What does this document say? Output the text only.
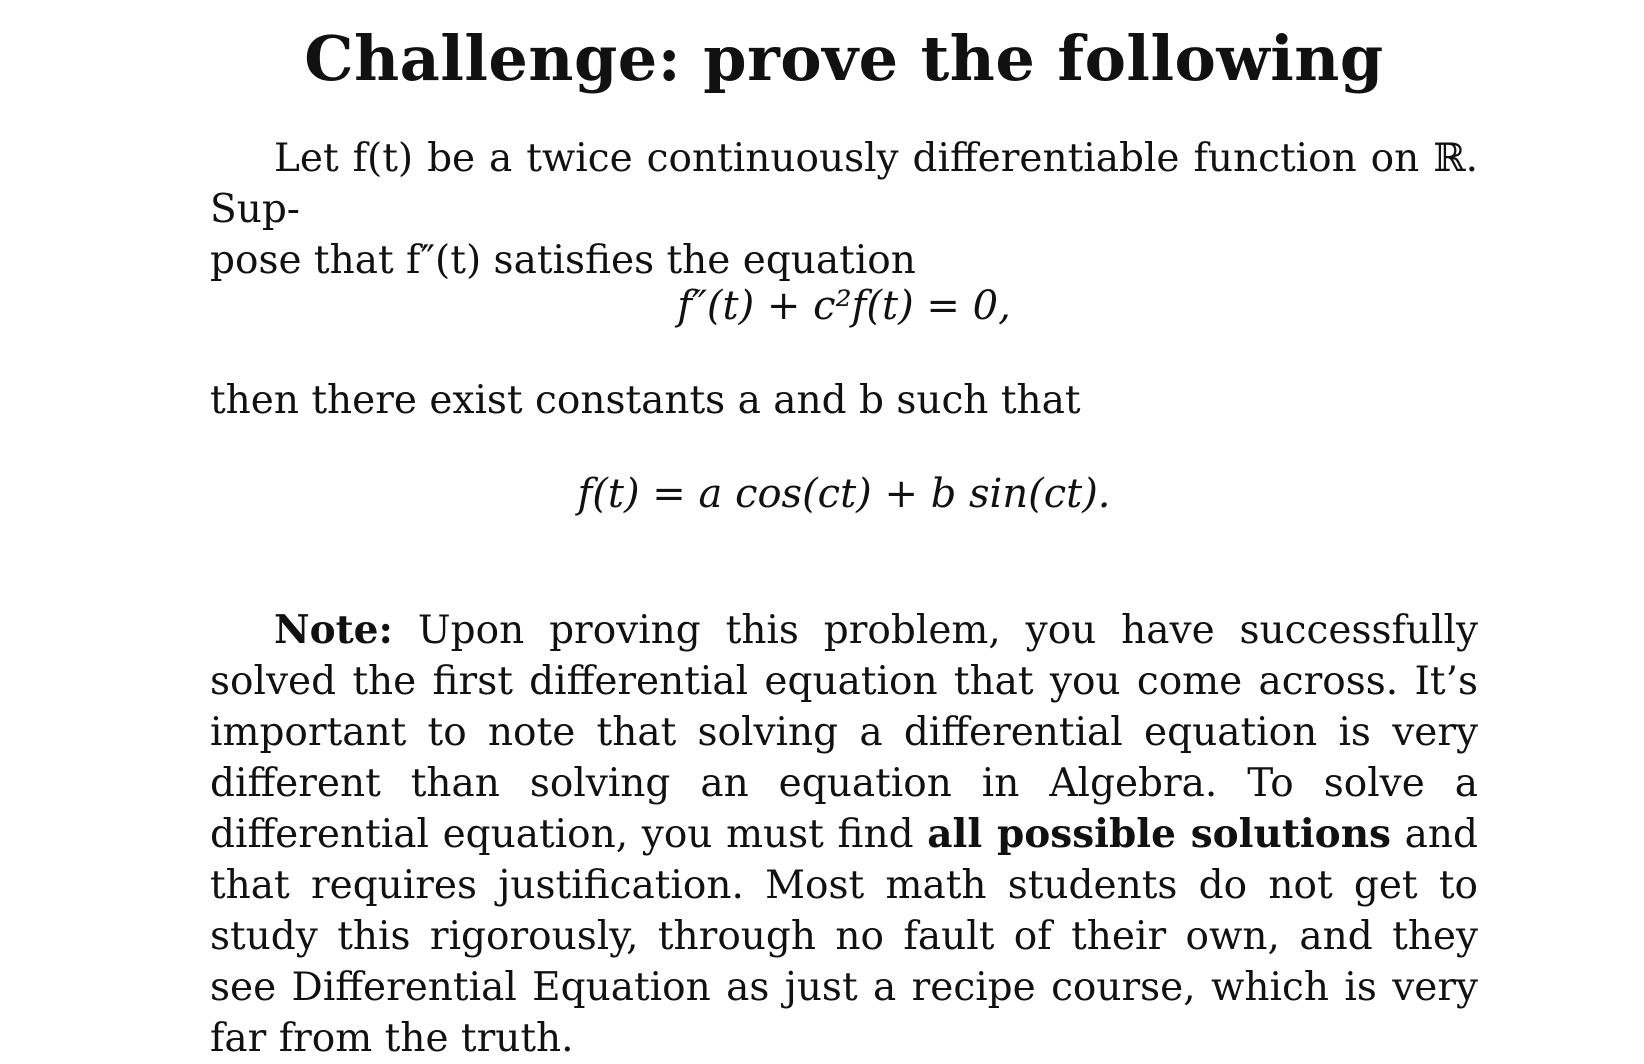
Challenge: prove the following

Let f(t) be a twice continuously differentiable function on ℝ. Sup-
pose that f″(t) satisfies the equation

f″(t) + c²f(t) = 0,

then there exist constants a and b such that

f(t) = a cos(ct) + b sin(ct).

Note: Upon proving this problem, you have successfully solved the first differential equation that you come across. It’s important to note that solving a differential equation is very different than solving an equation in Algebra. To solve a differential equation, you must find all possible solutions and that requires justification. Most math students do not get to study this rigorously, through no fault of their own, and they see Differential Equation as just a recipe course, which is very far from the truth.
